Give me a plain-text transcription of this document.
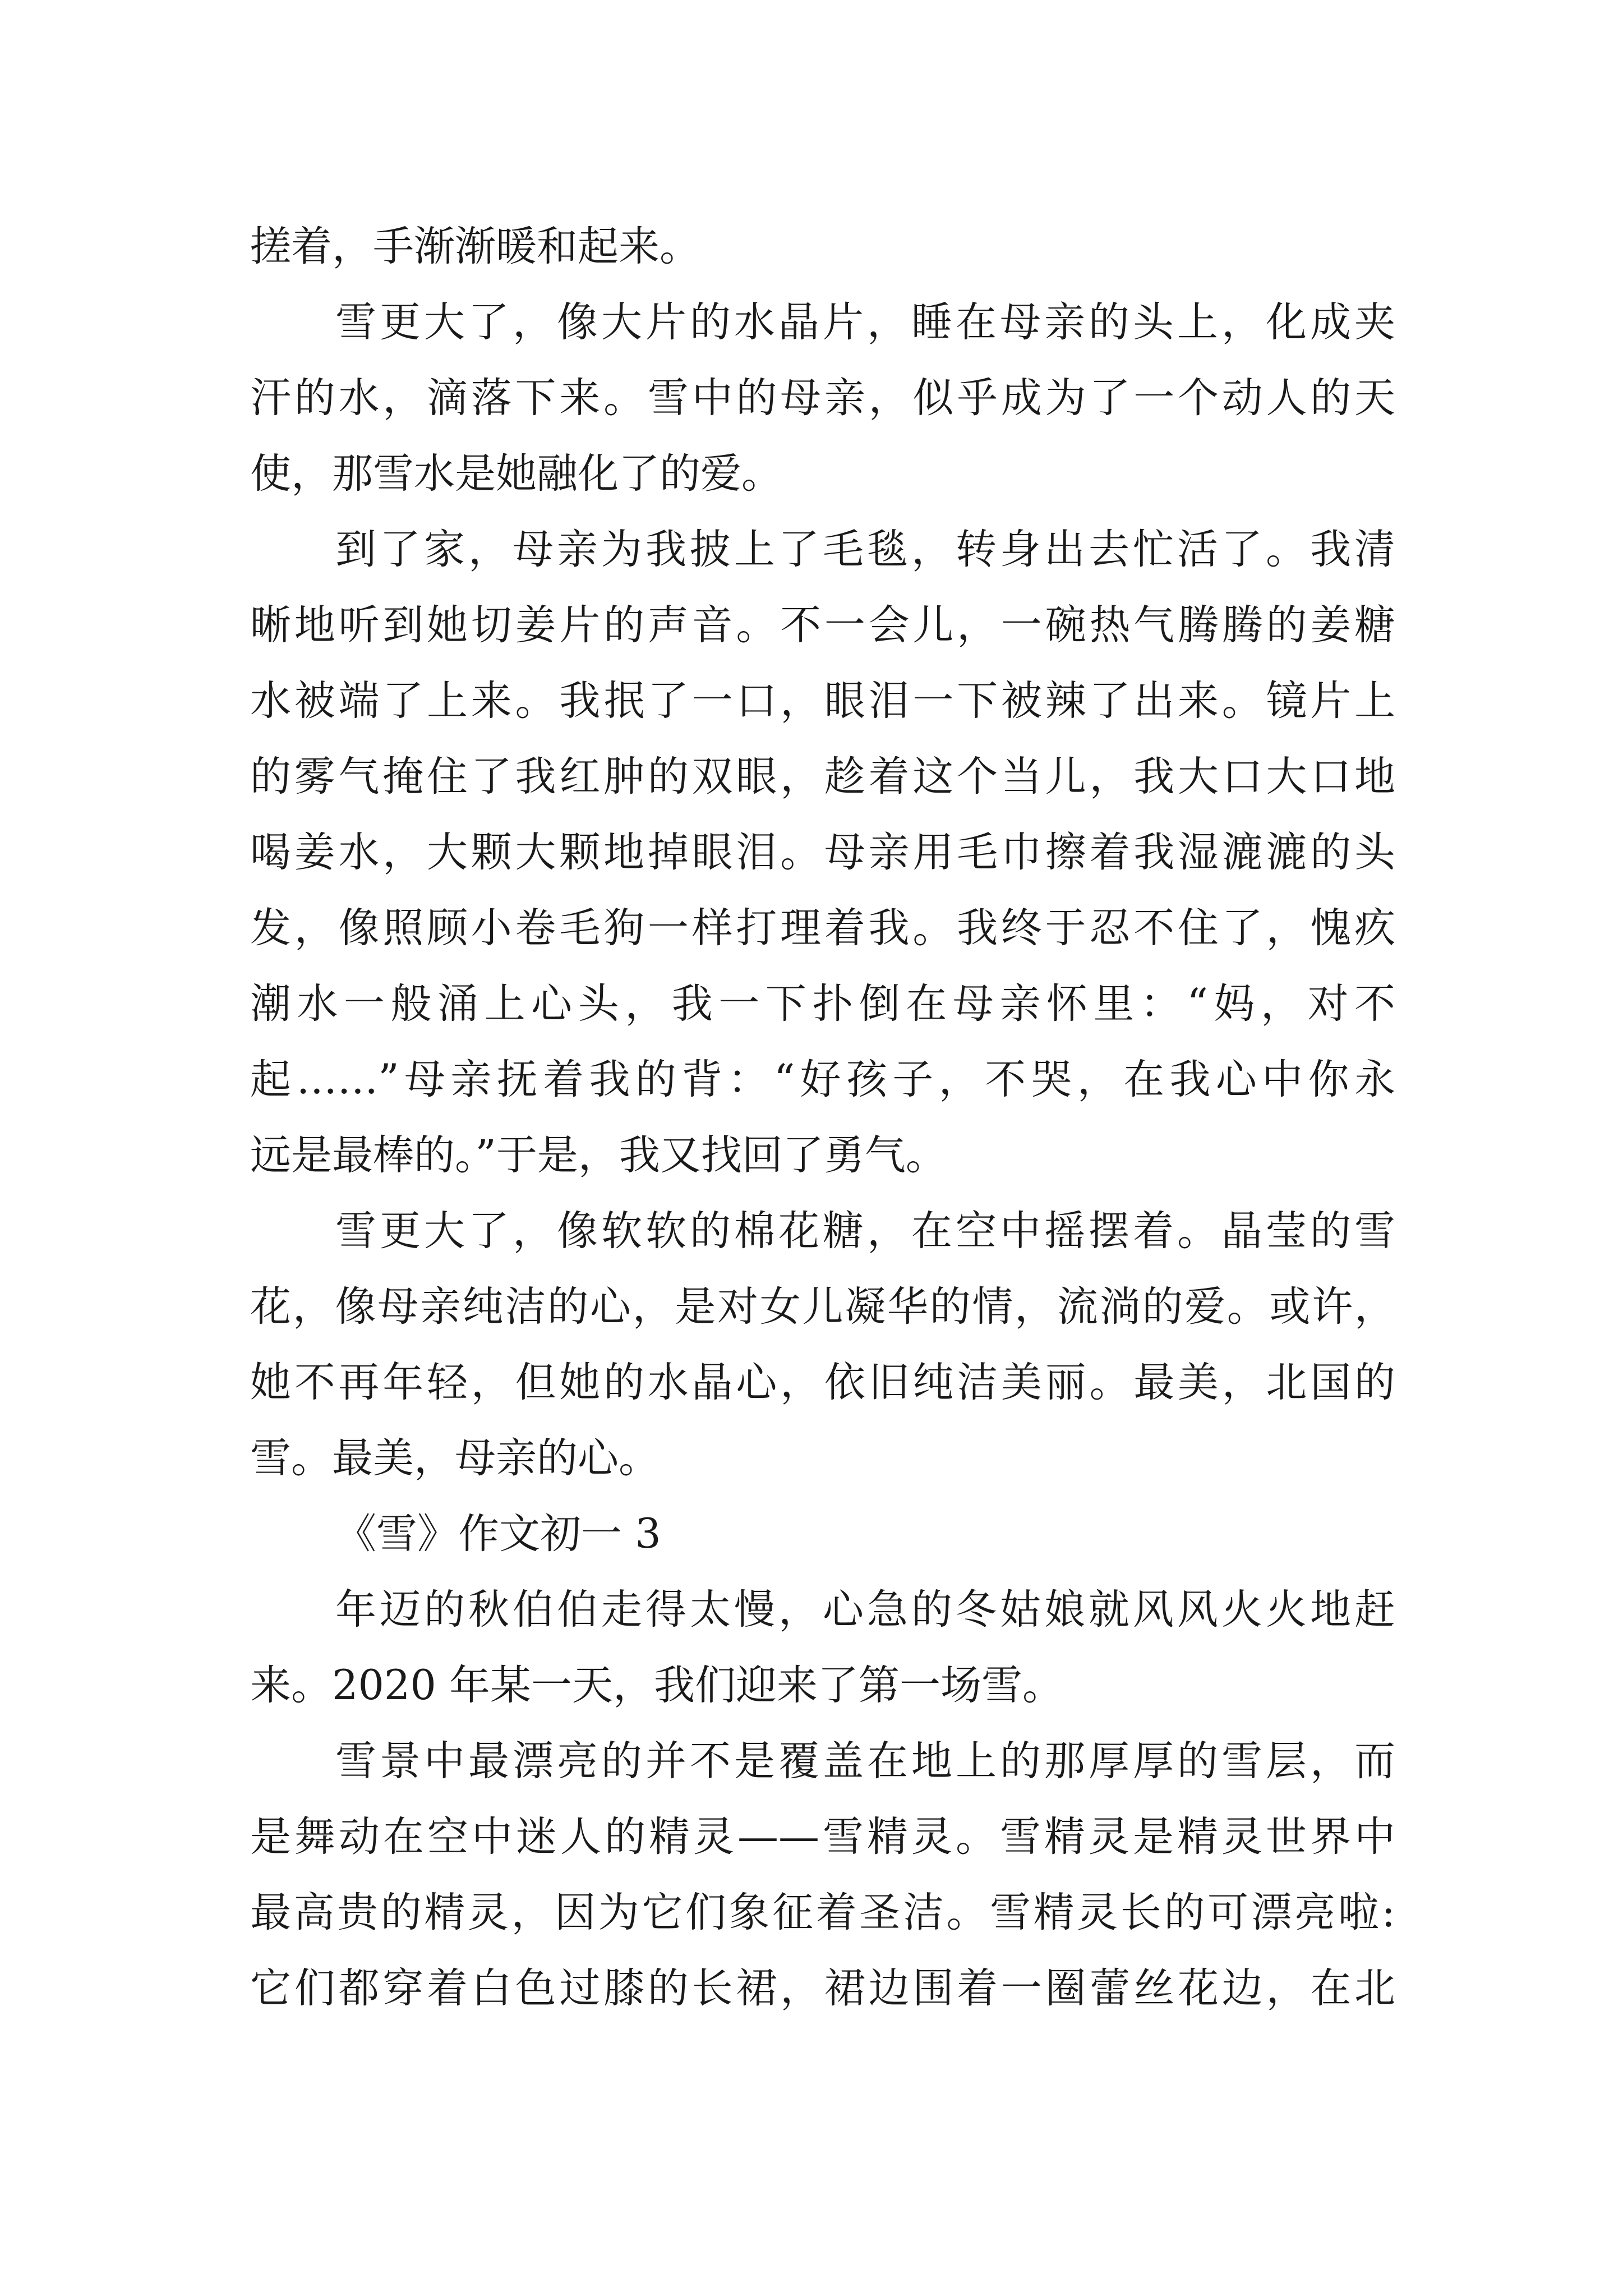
搓着，手渐渐暖和起来。
雪更大了，像大片的水晶片，睡在母亲的头上，化成夹
汗的水，滴落下来。雪中的母亲，似乎成为了一个动人的天
使，那雪水是她融化了的爱。
到了家，母亲为我披上了毛毯，转身出去忙活了。我清
晰地听到她切姜片的声音。不一会儿，一碗热气腾腾的姜糖
水被端了上来。我抿了一口，眼泪一下被辣了出来。镜片上
的雾气掩住了我红肿的双眼，趁着这个当儿，我大口大口地
喝姜水，大颗大颗地掉眼泪。母亲用毛巾擦着我湿漉漉的头
发，像照顾小卷毛狗一样打理着我。我终于忍不住了，愧疚
潮水一般涌上心头，我一下扑倒在母亲怀里：“妈，对不
起……”母亲抚着我的背：“好孩子，不哭，在我心中你永
远是最棒的。”于是，我又找回了勇气。
雪更大了，像软软的棉花糖，在空中摇摆着。晶莹的雪
花，像母亲纯洁的心，是对女儿凝华的情，流淌的爱。或许，
她不再年轻，但她的水晶心，依旧纯洁美丽。最美，北国的
雪。最美，母亲的心。
《雪》作文初一 3
年迈的秋伯伯走得太慢，心急的冬姑娘就风风火火地赶
来。2020 年某一天，我们迎来了第一场雪。
雪景中最漂亮的并不是覆盖在地上的那厚厚的雪层，而
是舞动在空中迷人的精灵——雪精灵。雪精灵是精灵世界中
最高贵的精灵，因为它们象征着圣洁。雪精灵长的可漂亮啦:
它们都穿着白色过膝的长裙，裙边围着一圈蕾丝花边，在北
